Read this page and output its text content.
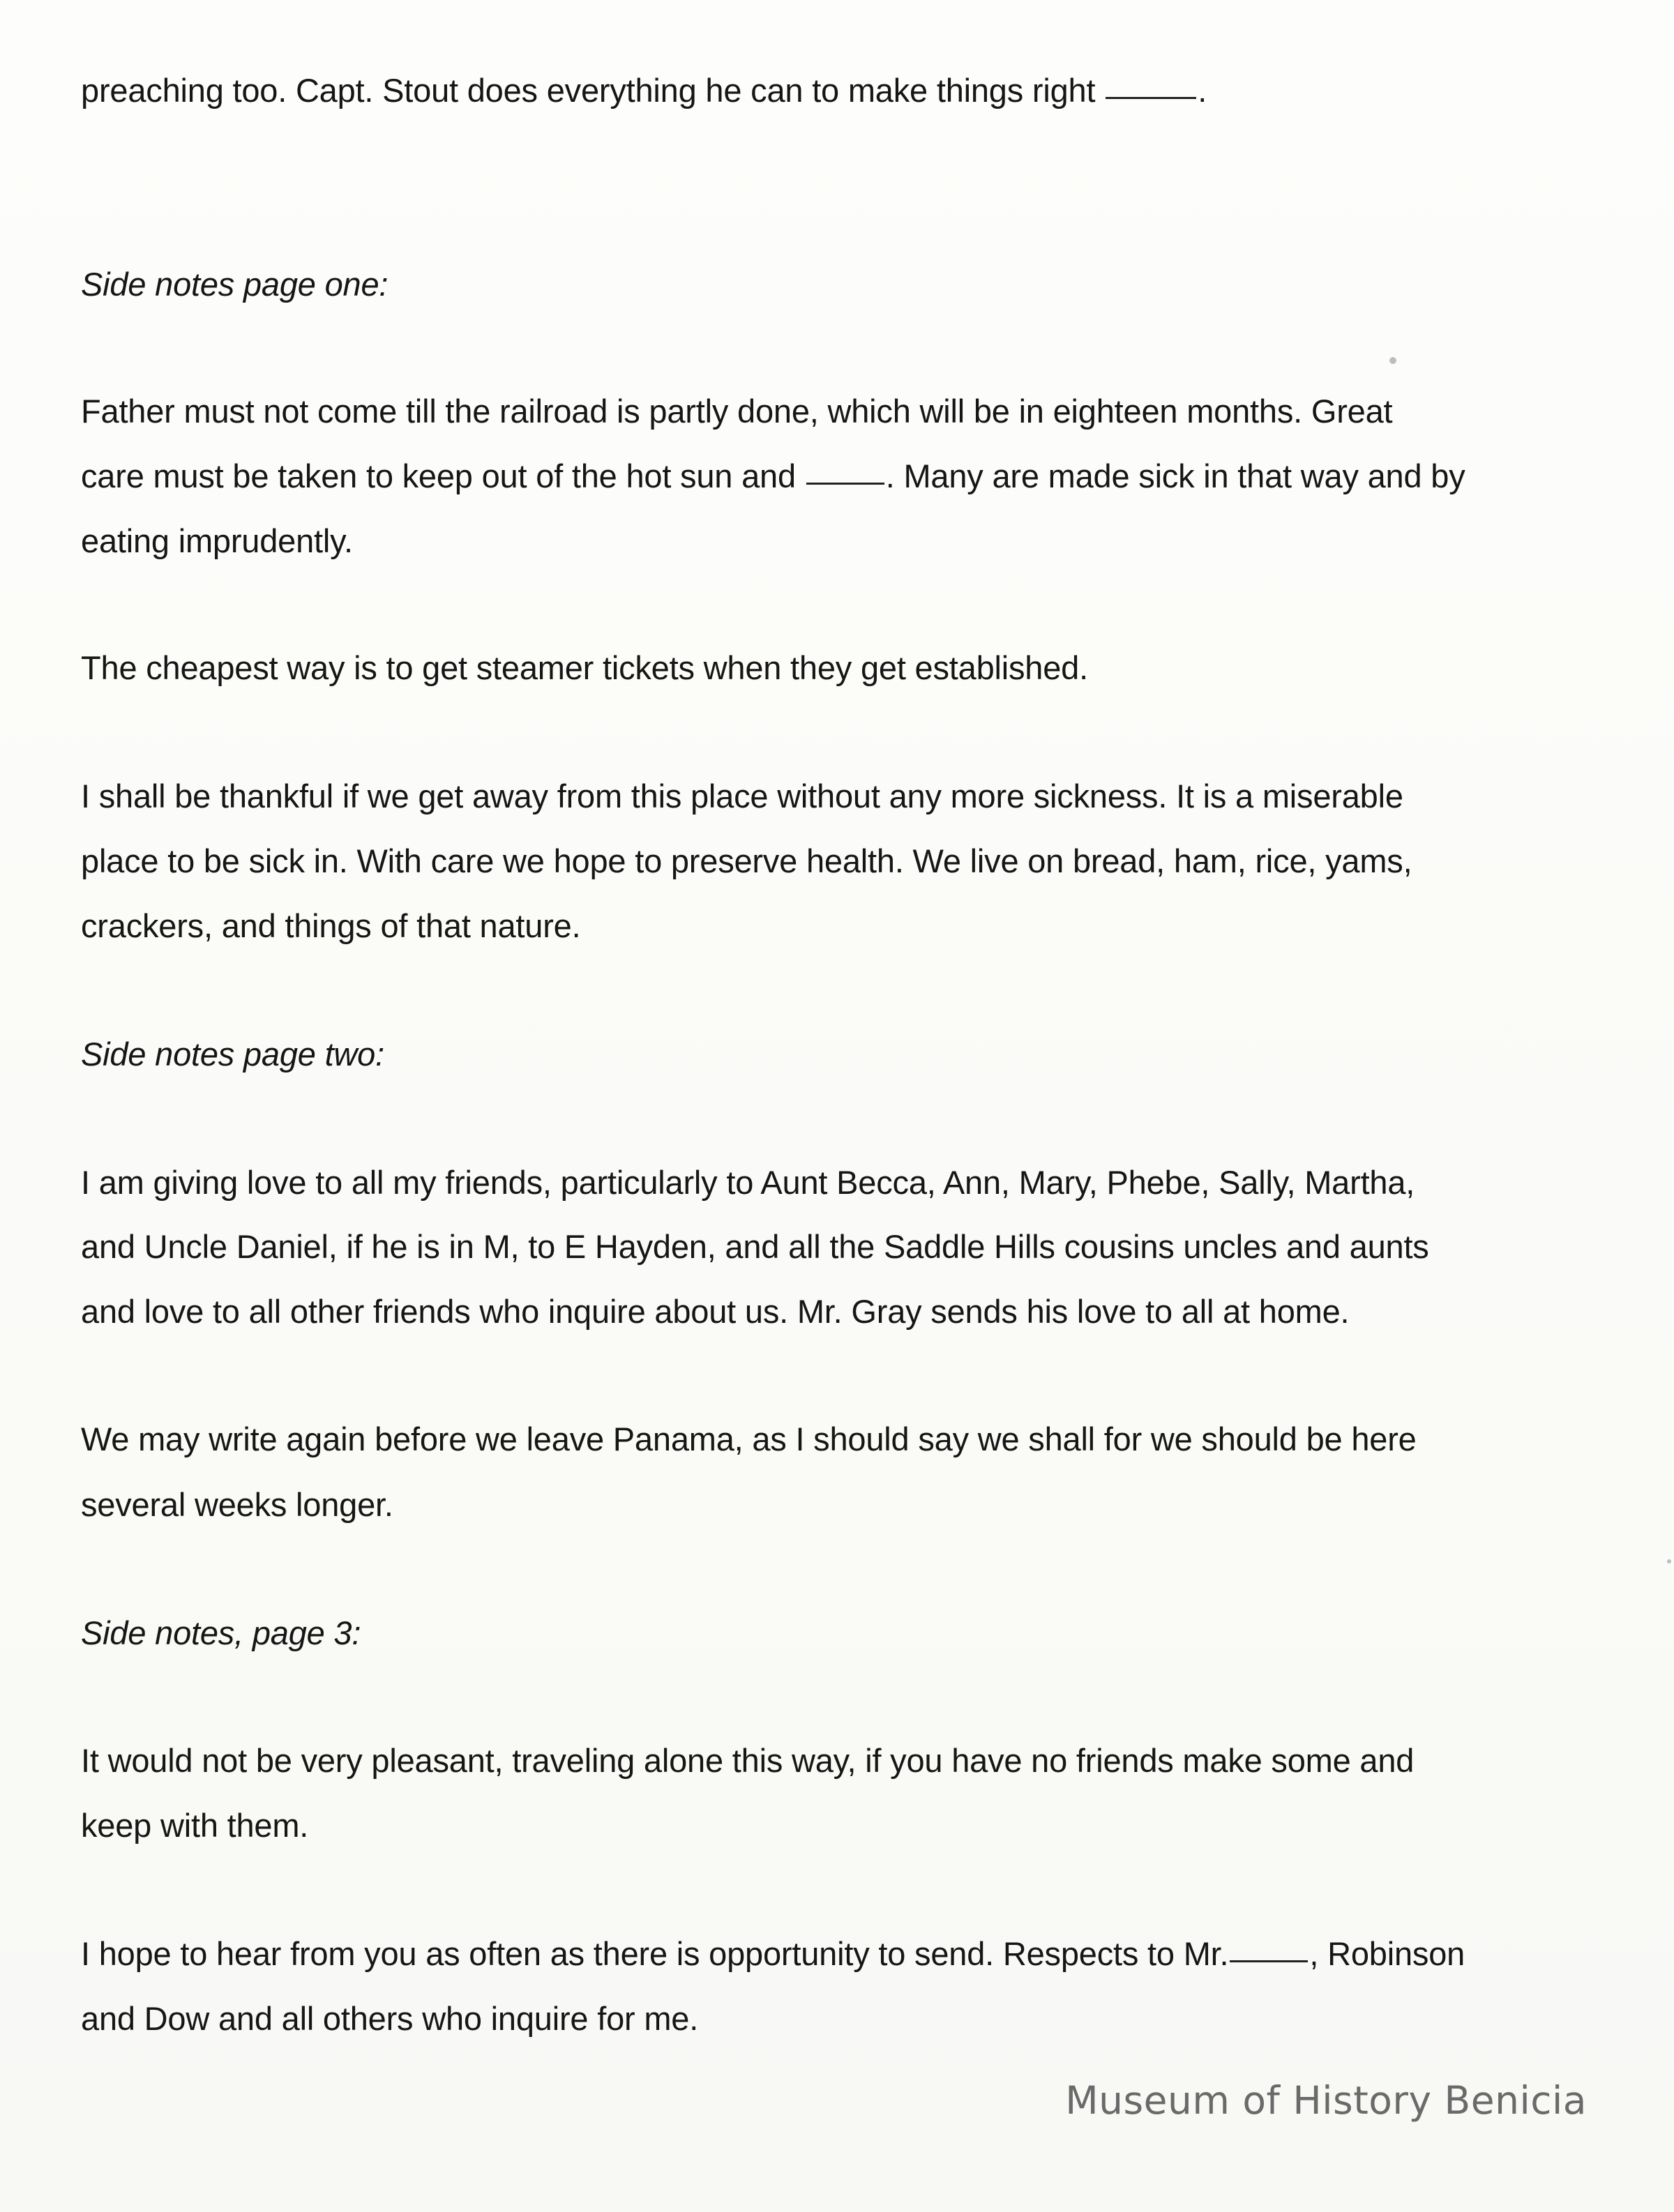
preaching too. Capt. Stout does everything he can to make things right	.
Side notes page one:
Father must not come till the railroad is partly done, which will be in eighteen months. Great
care must be taken to keep out of the hot sun and	. Many are made sick in that way and by
eating imprudently.
The cheapest way is to get steamer tickets when they get established.
I shall be thankful if we get away from this place without any more sickness. It is a miserable
place to be sick in. With care we hope to preserve health. We live on bread, ham, rice, yams,
crackers, and things of that nature.
Side notes page two:
I am giving love to all my friends, particularly to Aunt Becca, Ann, Mary, Phebe, Sally, Martha,
and Uncle Daniel, if he is in M, to E Hayden, and all the Saddle Hills cousins uncles and aunts
and love to all other friends who inquire about us. Mr. Gray sends his love to all at home.
We may write again before we leave Panama, as I should say we shall for we should be here
several weeks longer.
Side notes, page 3:
It would not be very pleasant, traveling alone this way, if you have no friends make some and
keep with them.
I hope to hear from you as often as there is opportunity to send. Respects to Mr. , Robinson
and Dow and all others who inquire for me.
Museum of History Benicia
